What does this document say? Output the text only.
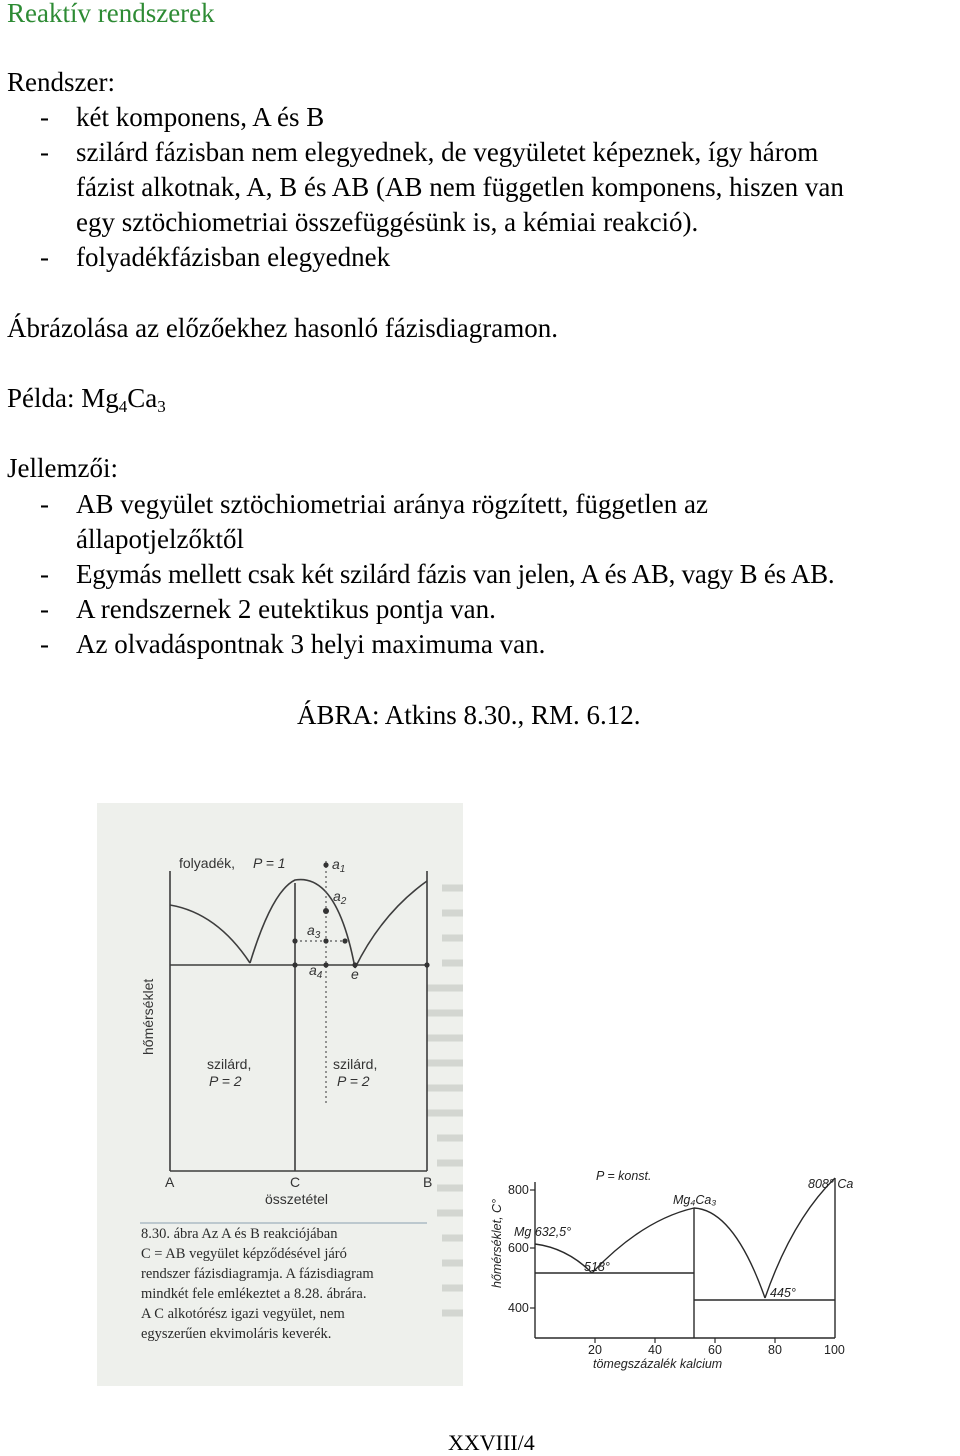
Reaktív rendszerek
Rendszer:
- két komponens, A és B
- szilárd fázisban nem elegyednek, de vegyületet képeznek, így három
fázist alkotnak, A, B és AB (AB nem független komponens, hiszen van
egy sztöchiometriai összefüggésünk is, a kémiai reakció).
- folyadékfázisban elegyednek
Ábrázolása az előzőekhez hasonló fázisdiagramon.
Példa: $Mg_4Ca_3$
Jellemzői:
- AB vegyület sztöchiometriai aránya rögzített, független az
állapotjelzőktől
- Egymás mellett csak két szilárd fázis van jelen, A és AB, vagy B és AB.
- A rendszernek 2 eutektikus pontja van.
- Az olvadáspontnak 3 helyi maximuma van.
ÁBRA: Atkins 8.30., RM. 6.12.
folyadék, P = 1	$a_1$
$a_2$
$a_3$
$a_4$ e
hőmérséklet
szilárd,
P = 2
szilárd,
P = 2
A	C	B
összetétel
8.30. ábra Az A és B reakciójában
C = AB vegyület képződésével járó
rendszer fázisdiagramja. A fázisdiagram
mindkét fele emlékeztet a 8.28. ábrára.
A C alkotórész igazi vegyület, nem
egyszerűen ekvimoláris keverék.
P = konst.
Mg 632,5°
808° Ca
Mg₄Ca₃
518°
445°
hőmérséklet, C°
tömegszázalék kalcium
800
600
400
20	40	60	80	100
XXVIII/4
